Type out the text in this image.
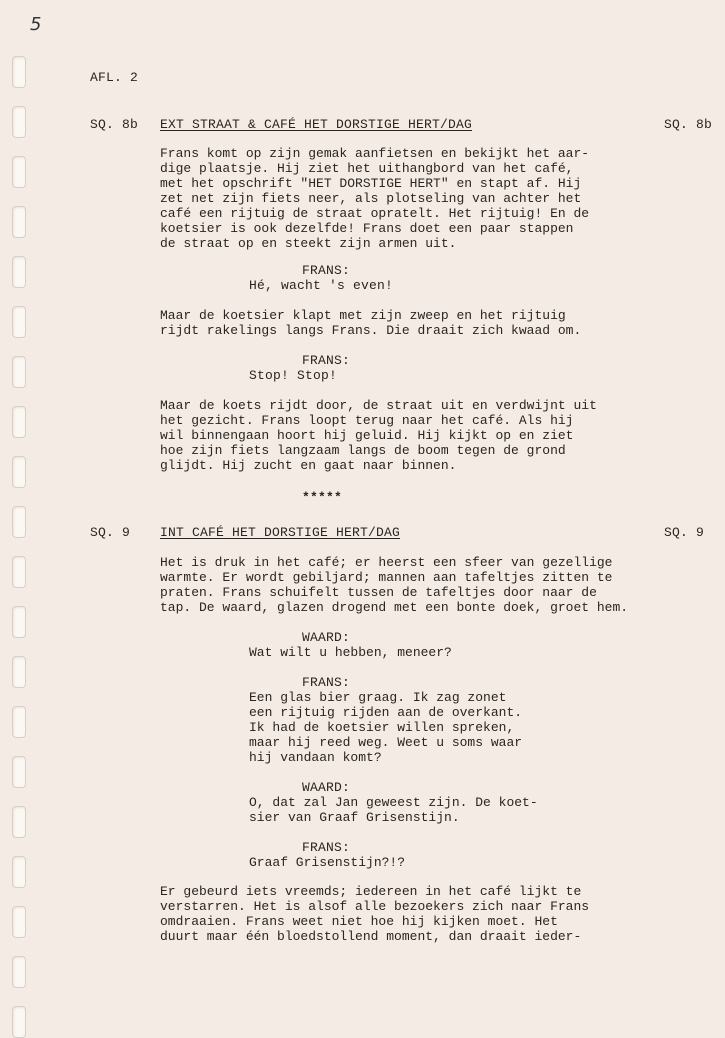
5
AFL. 2
SQ. 8b EXT STRAAT & CAFÉ HET DORSTIGE HERT/DAG	SQ. 8b
Frans komt op zijn gemak aanfietsen en bekijkt het aar-
dige plaatsje. Hij ziet het uithangbord van het café,
met het opschrift "HET DORSTIGE HERT" en stapt af. Hij
zet net zijn fiets neer, als plotseling van achter het
café een rijtuig de straat opratelt. Het rijtuig! En de
koetsier is ook dezelfde! Frans doet een paar stappen
de straat op en steekt zijn armen uit.
FRANS:
Hé, wacht 's even!
Maar de koetsier klapt met zijn zweep en het rijtuig
rijdt rakelings langs Frans. Die draait zich kwaad om.
FRANS:
Stop! Stop!
Maar de koets rijdt door, de straat uit en verdwijnt uit
het gezicht. Frans loopt terug naar het café. Als hij
wil binnengaan hoort hij geluid. Hij kijkt op en ziet
hoe zijn fiets langzaam langs de boom tegen de grond
glijdt. Hij zucht en gaat naar binnen.
*****
SQ. 9 INT CAFÉ HET DORSTIGE HERT/DAG	SQ. 9
Het is druk in het café; er heerst een sfeer van gezellige
warmte. Er wordt gebiljard; mannen aan tafeltjes zitten te
praten. Frans schuifelt tussen de tafeltjes door naar de
tap. De waard, glazen drogend met een bonte doek, groet hem.
WAARD:
Wat wilt u hebben, meneer?
FRANS:
Een glas bier graag. Ik zag zonet
een rijtuig rijden aan de overkant.
Ik had de koetsier willen spreken,
maar hij reed weg. Weet u soms waar
hij vandaan komt?
WAARD:
O, dat zal Jan geweest zijn. De koet-
sier van Graaf Grisenstijn.
FRANS:
Graaf Grisenstijn?!?
Er gebeurd iets vreemds; iedereen in het café lijkt te
verstarren. Het is alsof alle bezoekers zich naar Frans
omdraaien. Frans weet niet hoe hij kijken moet. Het
duurt maar één bloedstollend moment, dan draait ieder-
